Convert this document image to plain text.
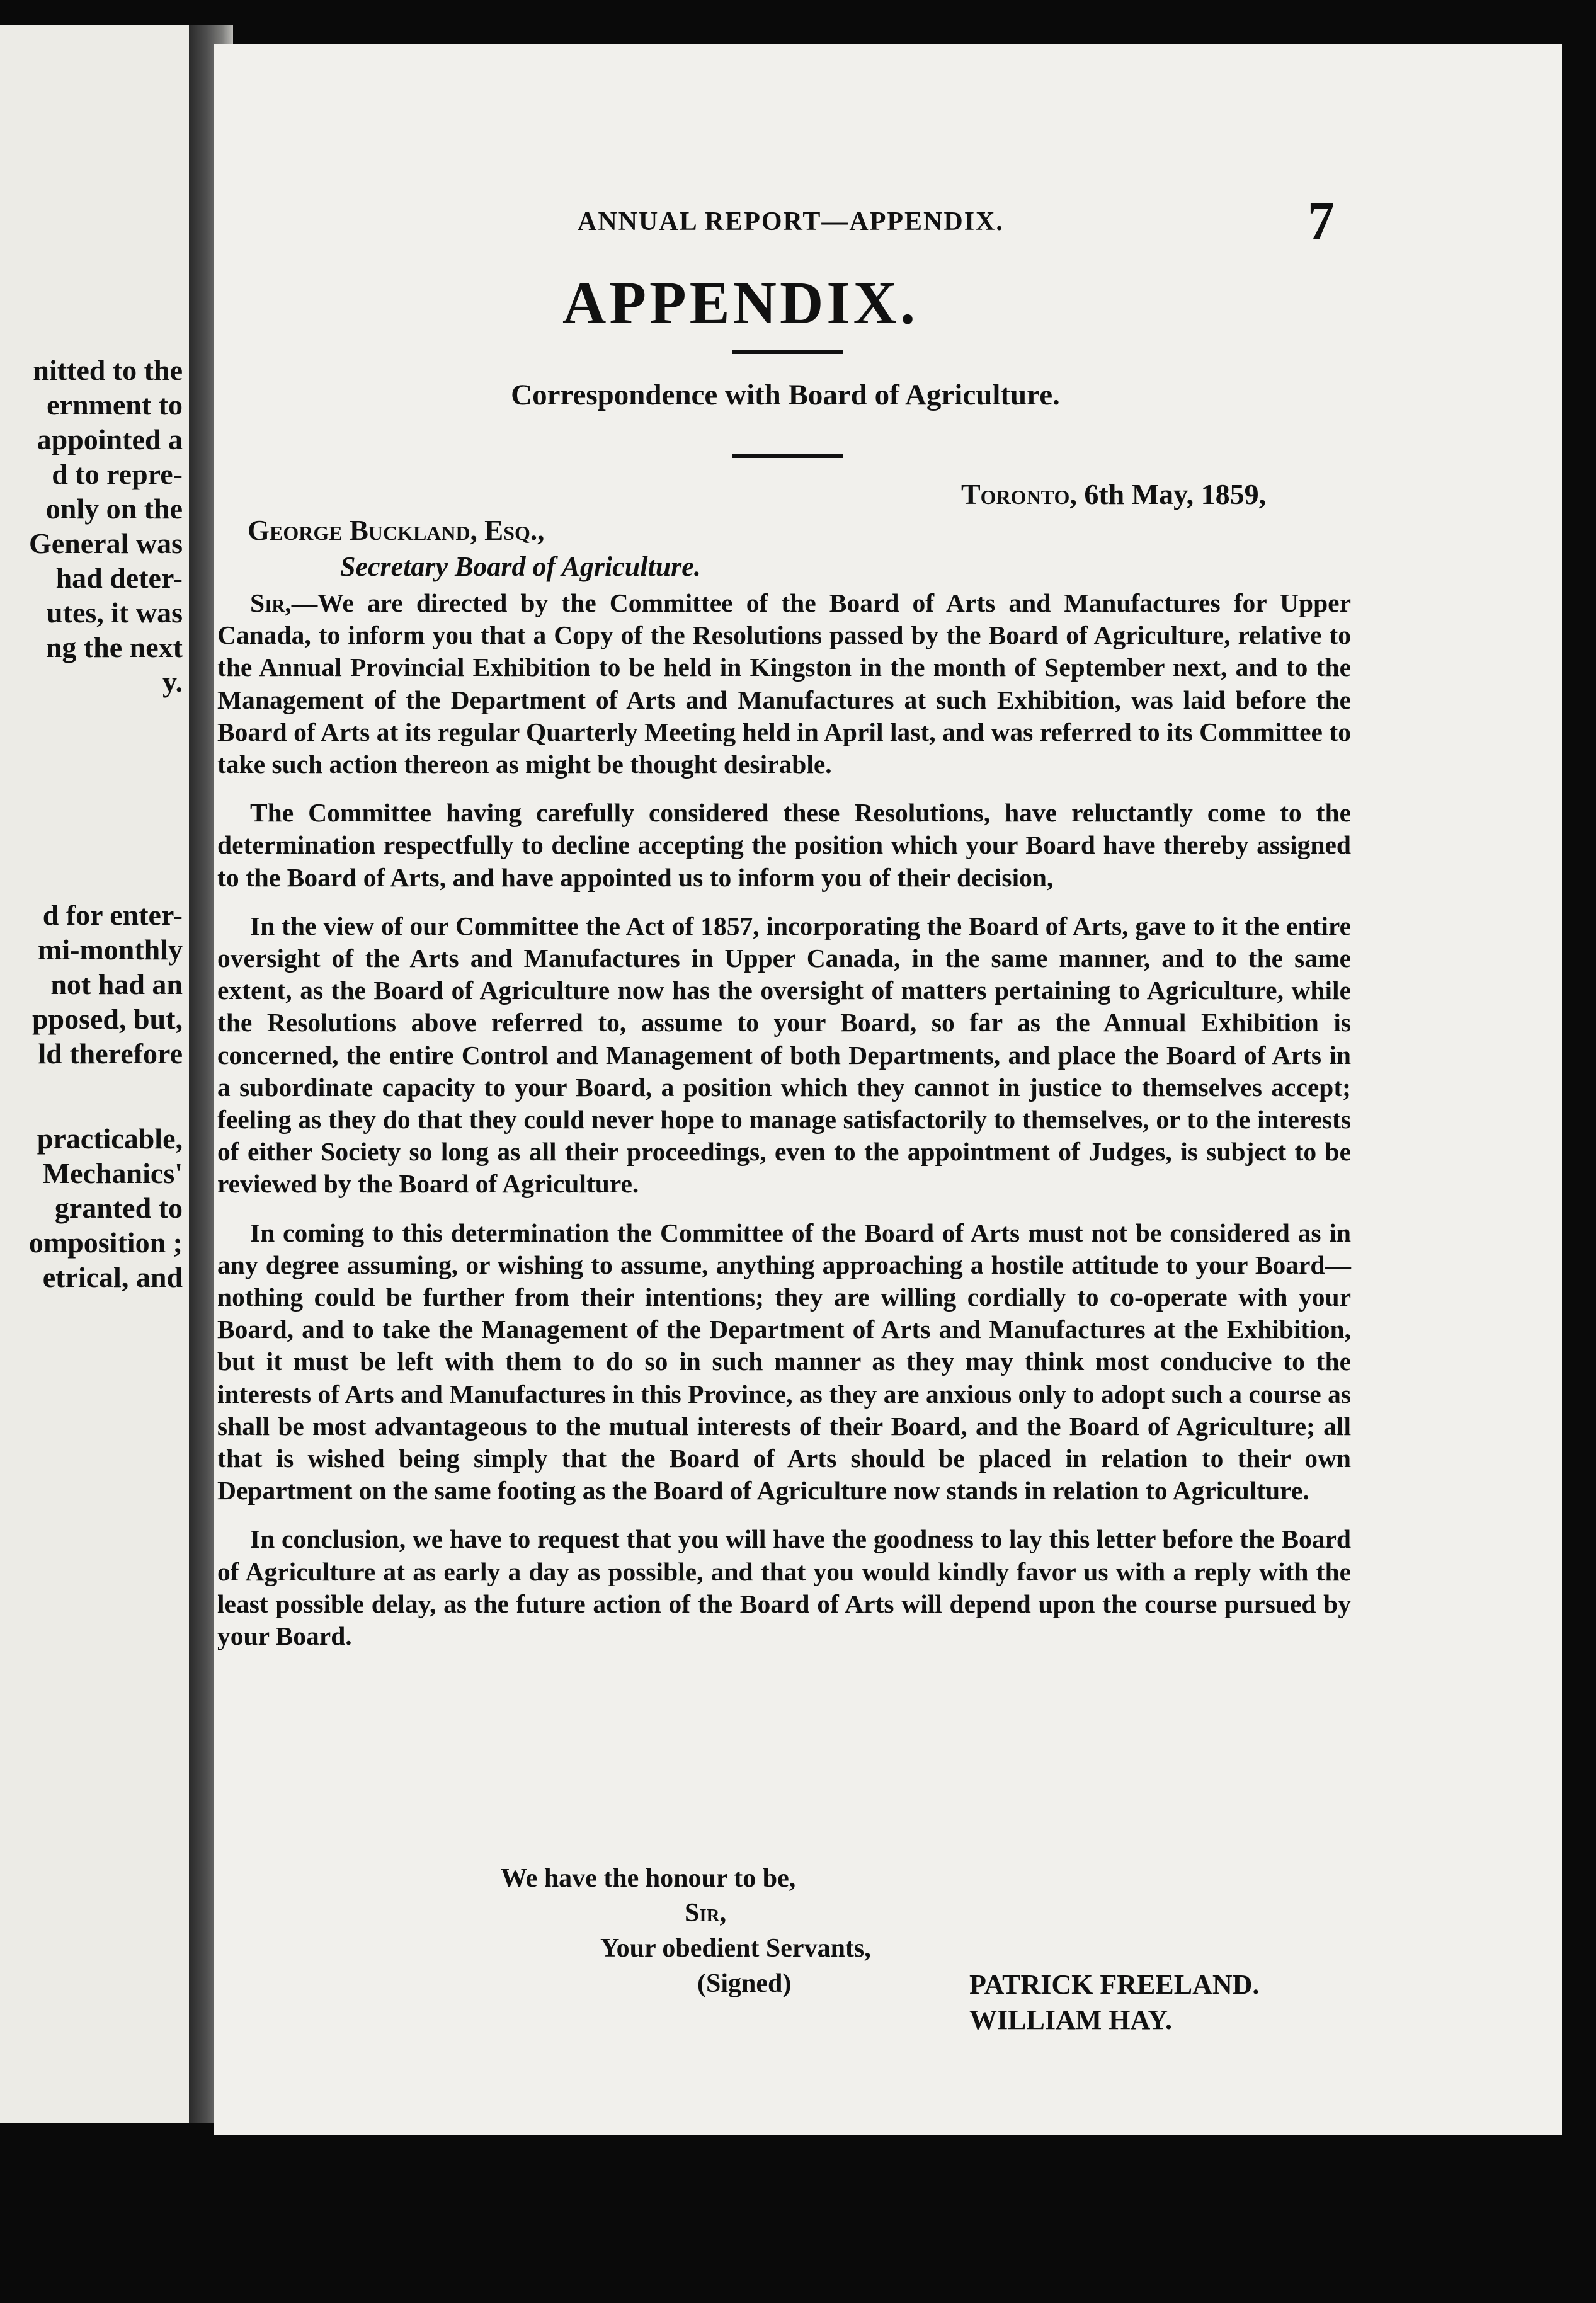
nitted to the
ernment to
appointed a
d to repre-
only on the
General was
had deter-
utes, it was
ng the next
y.
d for enter-
mi-monthly
not had an
pposed, but,
ld therefore
practicable,
Mechanics'
granted to
omposition ;
etrical, and
ANNUAL REPORT—APPENDIX.	7
APPENDIX.
Correspondence with Board of Agriculture.
Toronto, 6th May, 1859,
George Buckland, Esq.,
Secretary Board of Agriculture.

Sir,—We are directed by the Committee of the Board of Arts and Manufactures for Upper Canada, to inform you that a Copy of the Resolutions passed by the Board of Agriculture, relative to the Annual Provincial Exhibition to be held in Kingston in the month of September next, and to the Management of the Department of Arts and Manufactures at such Exhibition, was laid before the Board of Arts at its regular Quarterly Meeting held in April last, and was referred to its Committee to take such action thereon as might be thought desirable.

The Committee having carefully considered these Resolutions, have reluctantly come to the determination respectfully to decline accepting the position which your Board have thereby assigned to the Board of Arts, and have appointed us to inform you of their decision,

In the view of our Committee the Act of 1857, incorporating the Board of Arts, gave to it the entire oversight of the Arts and Manufactures in Upper Canada, in the same manner, and to the same extent, as the Board of Agriculture now has the oversight of matters pertaining to Agriculture, while the Resolutions above referred to, assume to your Board, so far as the Annual Exhibition is concerned, the entire Control and Management of both Departments, and place the Board of Arts in a subordinate capacity to your Board, a position which they cannot in justice to themselves accept; feeling as they do that they could never hope to manage satisfactorily to themselves, or to the interests of either Society so long as all their proceedings, even to the appointment of Judges, is subject to be reviewed by the Board of Agriculture.

In coming to this determination the Committee of the Board of Arts must not be considered as in any degree assuming, or wishing to assume, anything approaching a hostile attitude to your Board—nothing could be further from their intentions; they are willing cordially to co-operate with your Board, and to take the Management of the Department of Arts and Manufactures at the Exhibition, but it must be left with them to do so in such manner as they may think most conducive to the interests of Arts and Manufactures in this Province, as they are anxious only to adopt such a course as shall be most advantageous to the mutual interests of their Board, and the Board of Agriculture; all that is wished being simply that the Board of Arts should be placed in relation to their own Department on the same footing as the Board of Agriculture now stands in relation to Agriculture.

In conclusion, we have to request that you will have the goodness to lay this letter before the Board of Agriculture at as early a day as possible, and that you would kindly favor us with a reply with the least possible delay, as the future action of the Board of Arts will depend upon the course pursued by your Board.

We have the honour to be,
Sir,
Your obedient Servants,
(Signed)	PATRICK FREELAND.
WILLIAM HAY.
